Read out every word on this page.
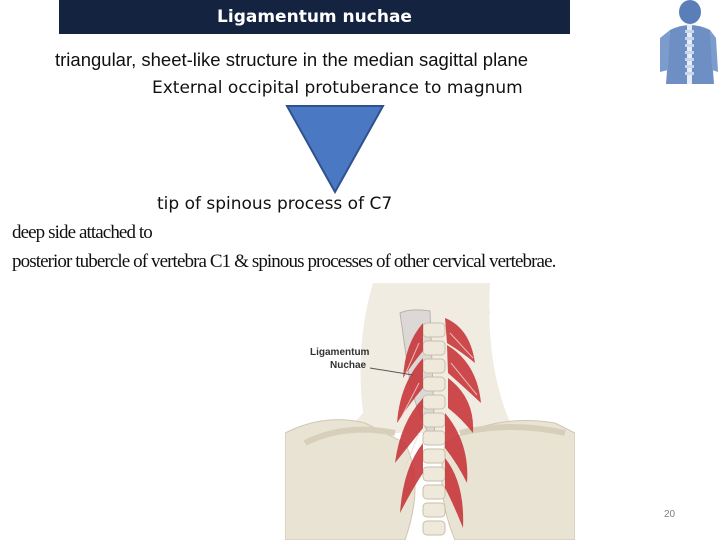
Ligamentum nuchae
triangular, sheet-like structure in the median sagittal plane
External occipital protuberance to magnum
tip of spinous process of C7
deep side attached to
posterior tubercle of vertebra C1 & spinous processes of other cervical vertebrae.
Ligamentum
Nuchae
20
